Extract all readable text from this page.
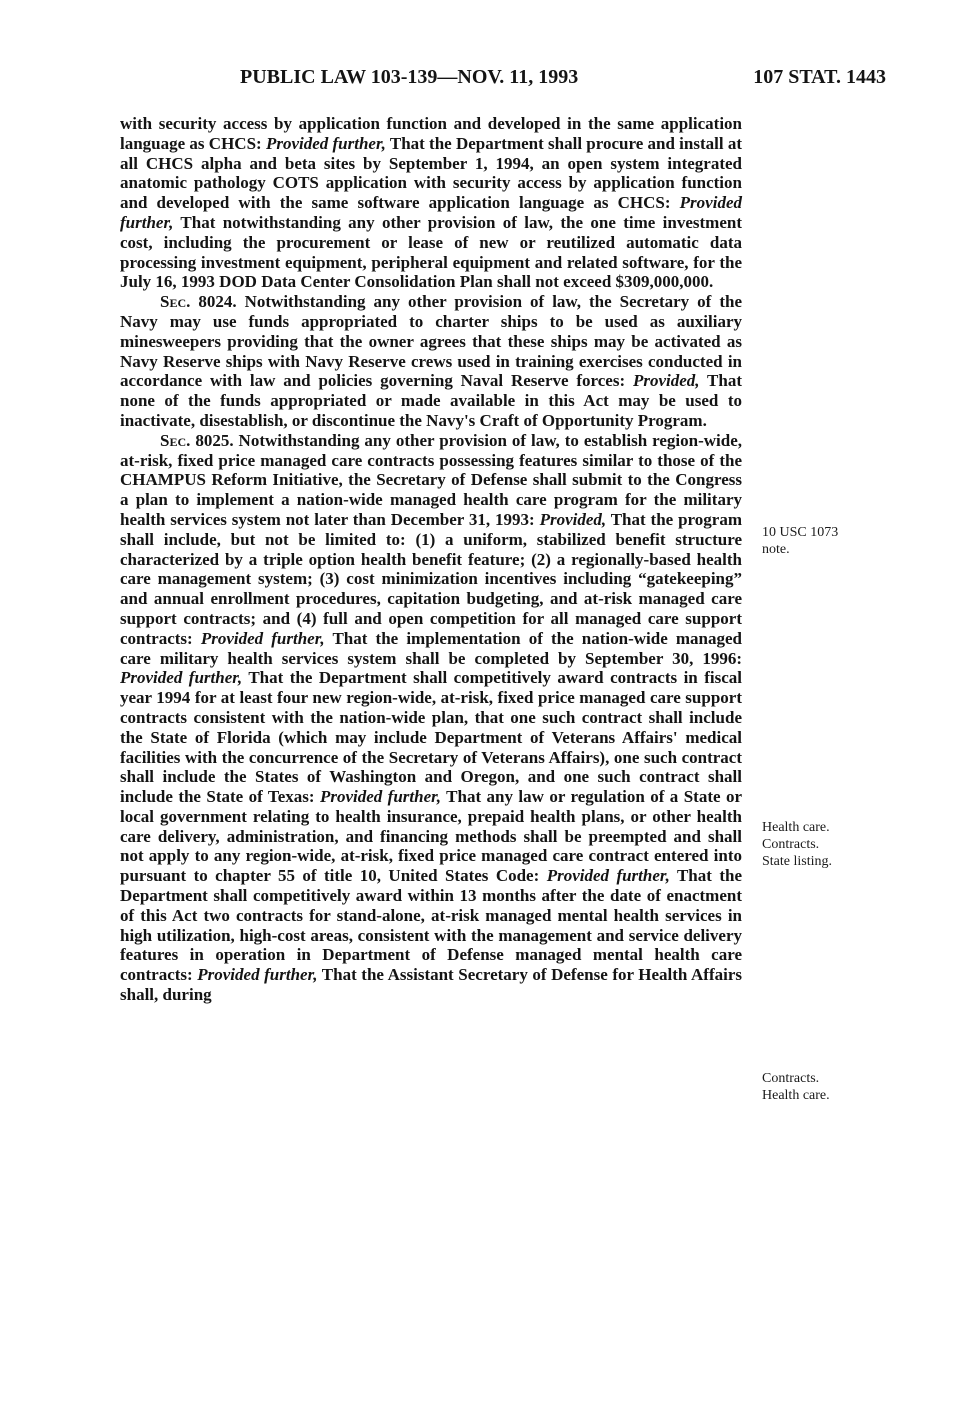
PUBLIC LAW 103-139—NOV. 11, 1993	107 STAT. 1443

with security access by application function and developed in the same application language as CHCS: Provided further, That the Department shall procure and install at all CHCS alpha and beta sites by September 1, 1994, an open system integrated anatomic pathology COTS application with security access by application function and developed with the same software application language as CHCS: Provided further, That notwithstanding any other provision of law, the one time investment cost, including the procurement or lease of new or reutilized automatic data processing investment equipment, peripheral equipment and related software, for the July 16, 1993 DOD Data Center Consolidation Plan shall not exceed $309,000,000.

Sec. 8024. Notwithstanding any other provision of law, the Secretary of the Navy may use funds appropriated to charter ships to be used as auxiliary minesweepers providing that the owner agrees that these ships may be activated as Navy Reserve ships with Navy Reserve crews used in training exercises conducted in accordance with law and policies governing Naval Reserve forces: Provided, That none of the funds appropriated or made available in this Act may be used to inactivate, disestablish, or discontinue the Navy's Craft of Opportunity Program.

Sec. 8025. Notwithstanding any other provision of law, to establish region-wide, at-risk, fixed price managed care contracts possessing features similar to those of the CHAMPUS Reform Initiative, the Secretary of Defense shall submit to the Congress a plan to implement a nation-wide managed health care program for the military health services system not later than December 31, 1993: Provided, That the program shall include, but not be limited to: (1) a uniform, stabilized benefit structure characterized by a triple option health benefit feature; (2) a regionally-based health care management system; (3) cost minimization incentives including “gatekeeping” and annual enrollment procedures, capitation budgeting, and at-risk managed care support contracts; and (4) full and open competition for all managed care support contracts: Provided further, That the implementation of the nation-wide managed care military health services system shall be completed by September 30, 1996: Provided further, That the Department shall competitively award contracts in fiscal year 1994 for at least four new region-wide, at-risk, fixed price managed care support contracts consistent with the nation-wide plan, that one such contract shall include the State of Florida (which may include Department of Veterans Affairs' medical facilities with the concurrence of the Secretary of Veterans Affairs), one such contract shall include the States of Washington and Oregon, and one such contract shall include the State of Texas: Provided further, That any law or regulation of a State or local government relating to health insurance, prepaid health plans, or other health care delivery, administration, and financing methods shall be preempted and shall not apply to any region-wide, at-risk, fixed price managed care contract entered into pursuant to chapter 55 of title 10, United States Code: Provided further, That the Department shall competitively award within 13 months after the date of enactment of this Act two contracts for stand-alone, at-risk managed mental health services in high utilization, high-cost areas, consistent with the management and service delivery features in operation in Department of Defense managed mental health care contracts: Provided further, That the Assistant Secretary of Defense for Health Affairs shall, during

10 USC 1073
note.
Health care.
Contracts.
State listing.
Contracts.
Health care.
